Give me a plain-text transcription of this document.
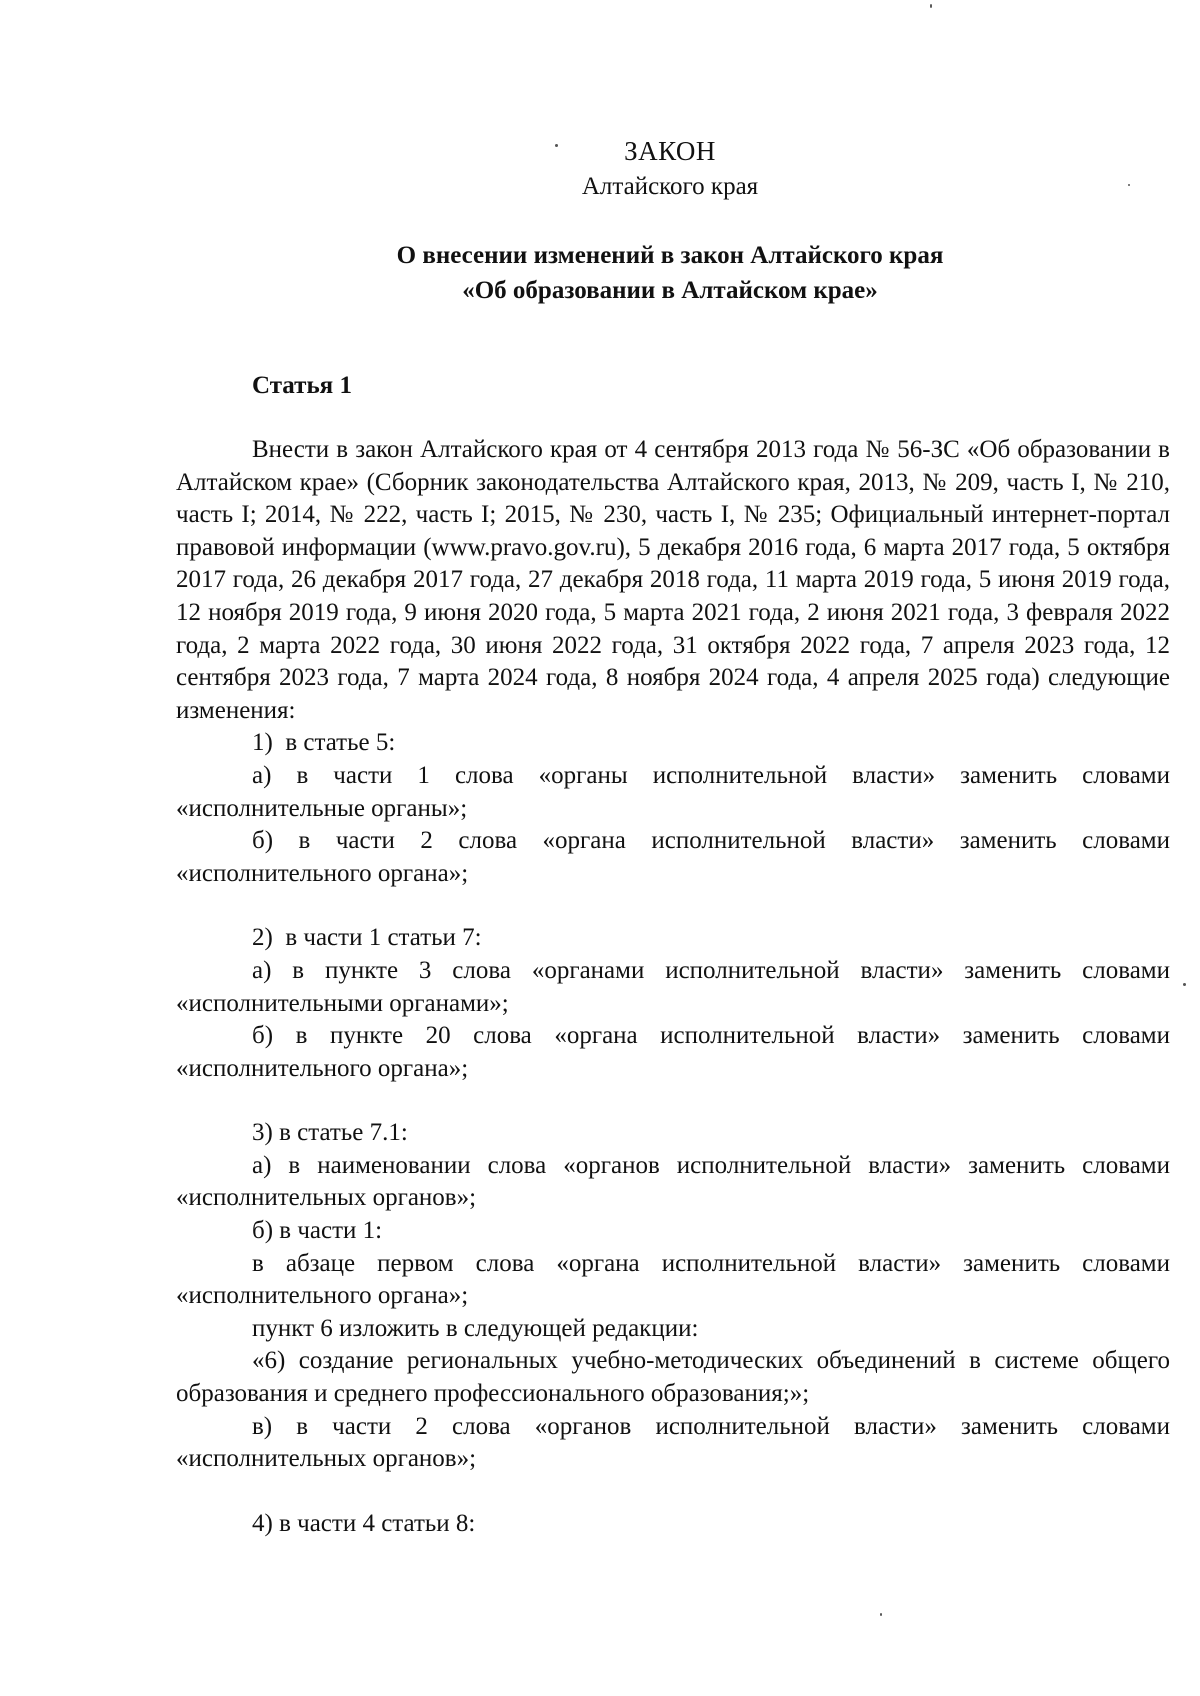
ЗАКОН
Алтайского края
О внесении изменений в закон Алтайского края
«Об образовании в Алтайском крае»
Статья 1

Внести в закон Алтайского края от 4 сентября 2013 года № 56-ЗС «Об образовании в Алтайском крае» (Сборник законодательства Алтайского края, 2013, № 209, часть I, № 210, часть I; 2014, № 222, часть I; 2015, № 230, часть I, № 235; Официальный интернет-портал правовой информации (www.pravo.gov.ru), 5 декабря 2016 года, 6 марта 2017 года, 5 октября 2017 года, 26 декабря 2017 года, 27 декабря 2018 года, 11 марта 2019 года, 5 июня 2019 года, 12 ноября 2019 года, 9 июня 2020 года, 5 марта 2021 года, 2 июня 2021 года, 3 февраля 2022 года, 2 марта 2022 года, 30 июня 2022 года, 31 октября 2022 года, 7 апреля 2023 года, 12 сентября 2023 года, 7 марта 2024 года, 8 ноября 2024 года, 4 апреля 2025 года) следующие изменения:

1)  в статье 5:

а) в части 1 слова «органы исполнительной власти» заменить словами «исполнительные органы»;

б) в части 2 слова «органа исполнительной власти» заменить словами «исполнительного органа»;

2)  в части 1 статьи 7:

а) в пункте 3 слова «органами исполнительной власти» заменить словами «исполнительными органами»;

б) в пункте 20 слова «органа исполнительной власти» заменить словами «исполнительного органа»;

3) в статье 7.1:

а) в наименовании слова «органов исполнительной власти» заменить словами «исполнительных органов»;

б) в части 1:

в абзаце первом слова «органа исполнительной власти» заменить словами «исполнительного органа»;

пункт 6 изложить в следующей редакции:

«6) создание региональных учебно-методических объединений в системе общего образования и среднего профессионального образования;»;

в) в части 2 слова «органов исполнительной власти» заменить словами «исполнительных органов»;

4) в части 4 статьи 8:
